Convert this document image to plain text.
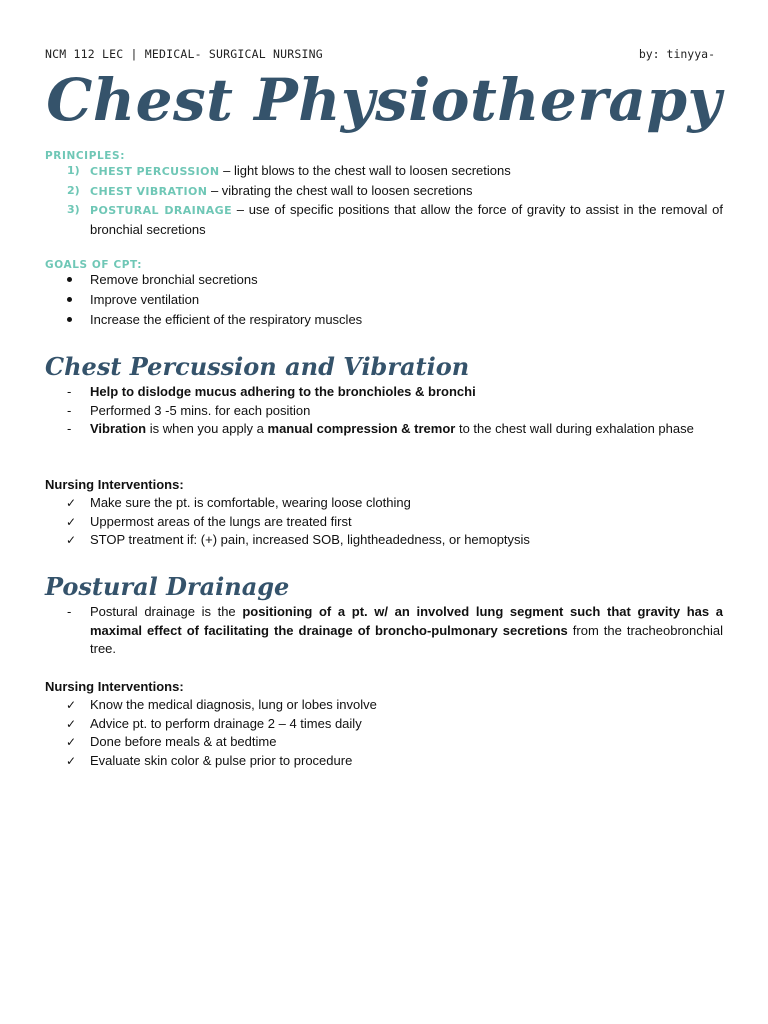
NCM 112 LEC | MEDICAL- SURGICAL NURSING	by: tinyya-
Chest Physiotherapy
PRINCIPLES:
1) CHEST PERCUSSION – light blows to the chest wall to loosen secretions
2) CHEST VIBRATION – vibrating the chest wall to loosen secretions
3) POSTURAL DRAINAGE – use of specific positions that allow the force of gravity to assist in the removal of bronchial secretions
GOALS OF CPT:
Remove bronchial secretions
Improve ventilation
Increase the efficient of the respiratory muscles
Chest Percussion and Vibration
- Help to dislodge mucus adhering to the bronchioles & bronchi
- Performed 3 -5 mins. for each position
- Vibration is when you apply a manual compression & tremor to the chest wall during exhalation phase
Nursing Interventions:
✓ Make sure the pt. is comfortable, wearing loose clothing
✓ Uppermost areas of the lungs are treated first
✓ STOP treatment if: (+) pain, increased SOB, lightheadedness, or hemoptysis
Postural Drainage
- Postural drainage is the positioning of a pt. w/ an involved lung segment such that gravity has a maximal effect of facilitating the drainage of broncho-pulmonary secretions from the tracheobronchial tree.
Nursing Interventions:
✓ Know the medical diagnosis, lung or lobes involve
✓ Advice pt. to perform drainage 2 – 4 times daily
✓ Done before meals & at bedtime
✓ Evaluate skin color & pulse prior to procedure
